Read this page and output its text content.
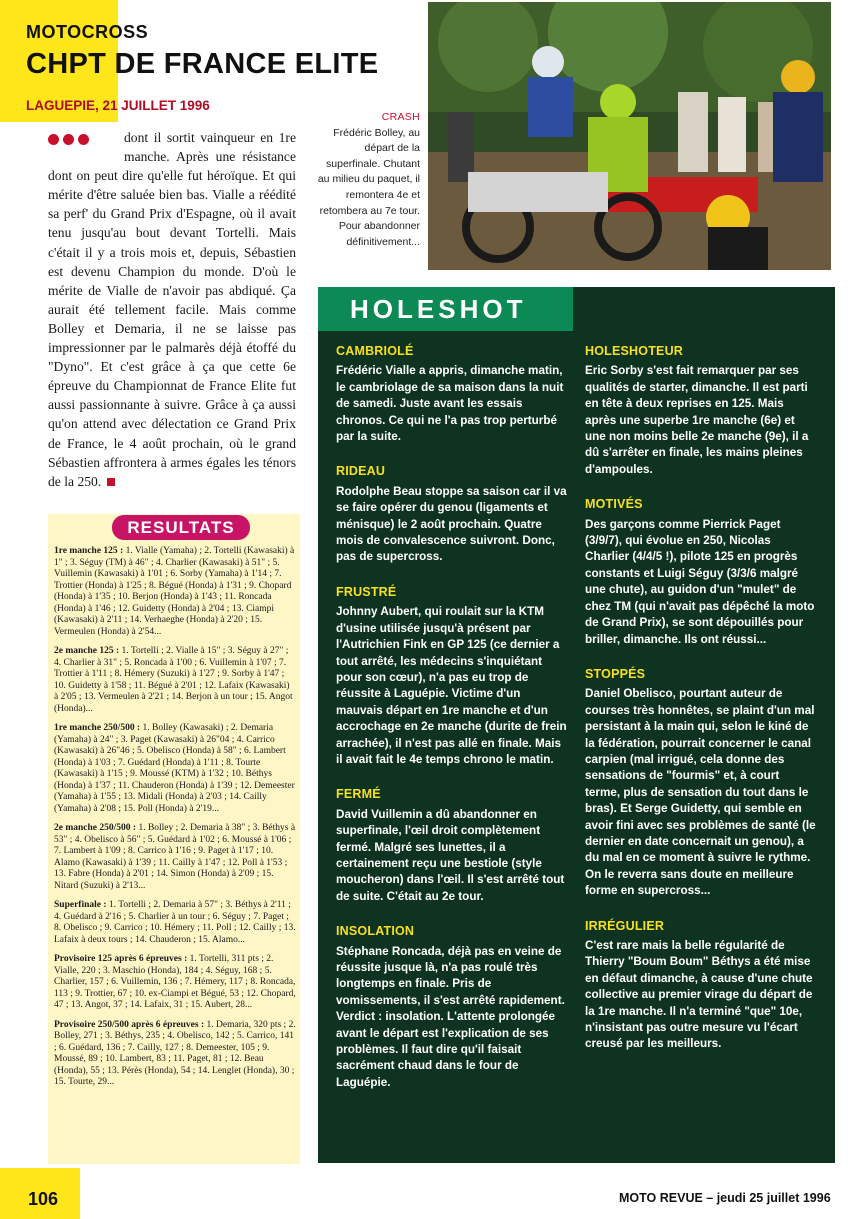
MOTOCROSS
CHPT DE FRANCE ELITE
LAGUEPIE, 21 JUILLET 1996
CRASH
Frédéric Bolley, au départ de la superfinale. Chutant au milieu du paquet, il remontera 4e et retombera au 7e tour. Pour abandonner définitivement...
dont il sortit vainqueur en 1re manche. Après une résistance dont on peut dire qu'elle fut héroïque. Et qui mérite d'être saluée bien bas. Vialle a réédité sa perf' du Grand Prix d'Espagne, où il avait tenu jusqu'au bout devant Tortelli. Mais c'était il y a trois mois et, depuis, Sébastien est devenu Champion du monde. D'où le mérite de Vialle de n'avoir pas abdiqué. Ça aurait été tellement facile. Mais comme Bolley et Demaria, il ne se laisse pas impressionner par le palmarès déjà étoffé du "Dyno". Et c'est grâce à ça que cette 6e épreuve du Championnat de France Elite fut aussi passionnante à suivre. Grâce à ça aussi qu'on attend avec délectation ce Grand Prix de France, le 4 août prochain, où le grand Sébastien affrontera à armes égales les ténors de la 250.
RESULTATS
1re manche 125 : 1. Vialle (Yamaha) ; 2. Tortelli (Kawasaki) à 1" ; 3. Séguy (TM) à 46" ; 4. Charlier (Kawasaki) à 51" ; 5. Vuillemin (Kawasaki) à 1'01 ; 6. Sorby (Yamaha) à 1'14 ; 7. Trottier (Honda) à 1'25 ; 8. Bégué (Honda) à 1'31 ; 9. Chopard (Honda) à 1'35 ; 10. Berjon (Honda) à 1'43 ; 11. Roncada (Honda) à 1'46 ; 12. Guidetty (Honda) à 2'04 ; 13. Ciampi (Kawasaki) à 2'11 ; 14. Verhaeghe (Honda) à 2'20 ; 15. Vermeulen (Honda) à 2'54...
2e manche 125 : 1. Tortelli ; 2. Vialle à 15" ; 3. Séguy à 27" ; 4. Charlier à 31" ; 5. Roncada à 1'00 ; 6. Vuillemin à 1'07 ; 7. Trottier à 1'11 ; 8. Hémery (Suzuki) à 1'27 ; 9. Sorby à 1'47 ; 10. Guidetty à 1'58 ; 11. Bégué à 2'01 ; 12. Lafaix (Kawasaki) à 2'05 ; 13. Vermeulen à 2'21 ; 14. Berjon à un tour ; 15. Angot (Honda)...
1re manche 250/500 : 1. Bolley (Kawasaki) ; 2. Demaria (Yamaha) à 24" ; 3. Paget (Kawasaki) à 26"04 ; 4. Carrico (Kawasaki) à 26"46 ; 5. Obelisco (Honda) à 58" ; 6. Lambert (Honda) à 1'03 ; 7. Guédard (Honda) à 1'11 ; 8. Tourte (Kawasaki) à 1'15 ; 9. Moussé (KTM) à 1'32 ; 10. Béthys (Honda) à 1'37 ; 11. Chauderon (Honda) à 1'39 ; 12. Demeester (Yamaha) à 1'55 ; 13. Midali (Honda) à 2'03 ; 14. Cailly (Yamaha) à 2'08 ; 15. Poll (Honda) à 2'19...
2e manche 250/500 : 1. Bolley ; 2. Demaria à 38" ; 3. Béthys à 53" ; 4. Obelisco à 56" ; 5. Guédard à 1'02 ; 6. Moussé à 1'06 ; 7. Lambert à 1'09 ; 8. Carrico à 1'16 ; 9. Paget à 1'17 ; 10. Alamo (Kawasaki) à 1'39 ; 11. Cailly à 1'47 ; 12. Poll à 1'53 ; 13. Fabre (Honda) à 2'01 ; 14. Simon (Honda) à 2'09 ; 15. Nitard (Suzuki) à 2'13...
Superfinale : 1. Tortelli ; 2. Demaria à 57" ; 3. Béthys à 2'11 ; 4. Guédard à 2'16 ; 5. Charlier à un tour ; 6. Séguy ; 7. Paget ; 8. Obelisco ; 9. Carrico ; 10. Hémery ; 11. Poll ; 12. Cailly ; 13. Lafaix à deux tours ; 14. Chauderon ; 15. Alamo...
Provisoire 125 après 6 épreuves : 1. Tortelli, 311 pts ; 2. Vialle, 220 ; 3. Maschio (Honda), 184 ; 4. Séguy, 168 ; 5. Charlier, 157 ; 6. Vuillemin, 136 ; 7. Hémery, 117 ; 8. Roncada, 113 ; 9. Trottier, 67 ; 10. ex-Ciampi et Bégué, 53 ; 12. Chopard, 47 ; 13. Angot, 37 ; 14. Lafaix, 31 ; 15. Aubert, 28...
Provisoire 250/500 après 6 épreuves : 1. Demaria, 320 pts ; 2. Bolley, 271 ; 3. Béthys, 235 ; 4. Obelisco, 142 ; 5. Carrico, 141 ; 6. Guédard, 136 ; 7. Cailly, 127 ; 8. Demeester, 105 ; 9. Moussé, 89 ; 10. Lambert, 83 ; 11. Paget, 81 ; 12. Beau (Honda), 55 ; 13. Pérès (Honda), 54 ; 14. Lenglet (Honda), 30 ; 15. Tourte, 29...
HOLESHOT
CAMBRIOLÉ

Frédéric Vialle a appris, dimanche matin, le cambriolage de sa maison dans la nuit de samedi. Juste avant les essais chronos. Ce qui ne l'a pas trop perturbé par la suite.

RIDEAU

Rodolphe Beau stoppe sa saison car il va se faire opérer du genou (ligaments et ménisque) le 2 août prochain. Quatre mois de convalescence suivront. Donc, pas de supercross.

FRUSTRÉ

Johnny Aubert, qui roulait sur la KTM d'usine utilisée jusqu'à présent par l'Autrichien Fink en GP 125 (ce dernier a tout arrêté, les médecins s'inquiétant pour son cœur), n'a pas eu trop de réussite à Laguépie. Victime d'un mauvais départ en 1re manche et d'un accrochage en 2e manche (durite de frein arrachée), il n'est pas allé en finale. Mais il avait fait le 4e temps chrono le matin.

FERMÉ

David Vuillemin a dû abandonner en superfinale, l'œil droit complètement fermé. Malgré ses lunettes, il a certainement reçu une bestiole (style moucheron) dans l'œil. Il s'est arrêté tout de suite. C'était au 2e tour.

INSOLATION

Stéphane Roncada, déjà pas en veine de réussite jusque là, n'a pas roulé très longtemps en finale. Pris de vomissements, il s'est arrêté rapidement. Verdict : insolation. L'attente prolongée avant le départ est l'explication de ses problèmes. Il faut dire qu'il faisait sacrément chaud dans le four de Laguépie.

HOLESHOTEUR

Eric Sorby s'est fait remarquer par ses qualités de starter, dimanche. Il est parti en tête à deux reprises en 125. Mais après une superbe 1re manche (6e) et une non moins belle 2e manche (9e), il a dû s'arrêter en finale, les mains pleines d'ampoules.

MOTIVÉS

Des garçons comme Pierrick Paget (3/9/7), qui évolue en 250, Nicolas Charlier (4/4/5 !), pilote 125 en progrès constants et Luigi Séguy (3/3/6 malgré une chute), au guidon d'un "mulet" de chez TM (qui n'avait pas dépêché la moto de Grand Prix), se sont dépouillés pour briller, dimanche. Ils ont réussi...

STOPPÉS

Daniel Obelisco, pourtant auteur de courses très honnêtes, se plaint d'un mal persistant à la main qui, selon le kiné de la fédération, pourrait concerner le canal carpien (mal irrigué, cela donne des sensations de "fourmis" et, à court terme, plus de sensation du tout dans le bras). Et Serge Guidetty, qui semble en avoir fini avec ses problèmes de santé (le dernier en date concernait un genou), a du mal en ce moment à suivre le rythme. On le reverra sans doute en meilleure forme en supercross...

IRRÉGULIER

C'est rare mais la belle régularité de Thierry "Boum Boum" Béthys a été mise en défaut dimanche, à cause d'une chute collective au premier virage du départ de la 1re manche. Il n'a terminé "que" 10e, n'insistant pas outre mesure vu l'écart creusé par les meilleurs.

106	MOTO REVUE – jeudi 25 juillet 1996
